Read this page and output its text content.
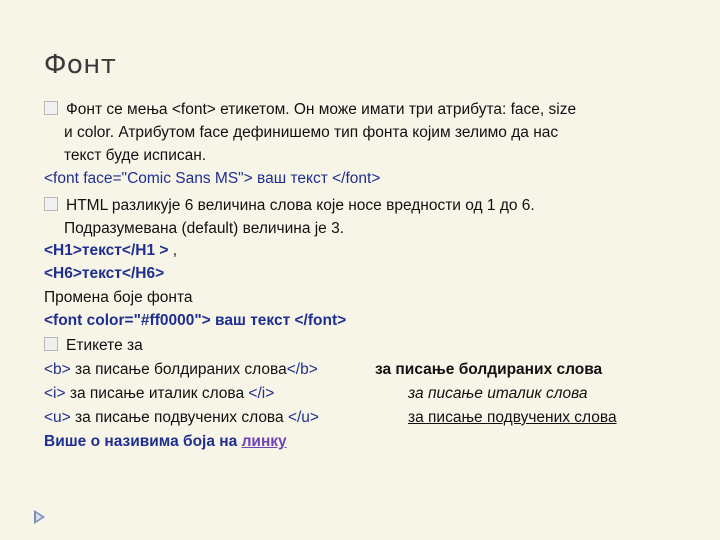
Фонт
Фонт се мења <font> етикетом. Он може имати три атрибута: face, size
и color. Атрибутом face дефинишемо тип фонта којим зелимо да нас
текст буде исписан.
<font face="Comic Sans MS"> ваш текст </font>
HTML разликује 6 величина слова које носе вредности од 1 до 6.
Подразумевана (default) величина је 3.
<H1>текст</H1 > ,
<H6>текст</H6>
Промена боје фонта
<font color="#ff0000"> ваш текст </font>
Етикете за
<b> за писање болдираних слова</b>	за писање болдираних слова
<i> за писање италик слова </i>	за писање италик слова
<u> за писање подвучених слова </u>	за писање подвучених слова
Више о називима боја на линку
